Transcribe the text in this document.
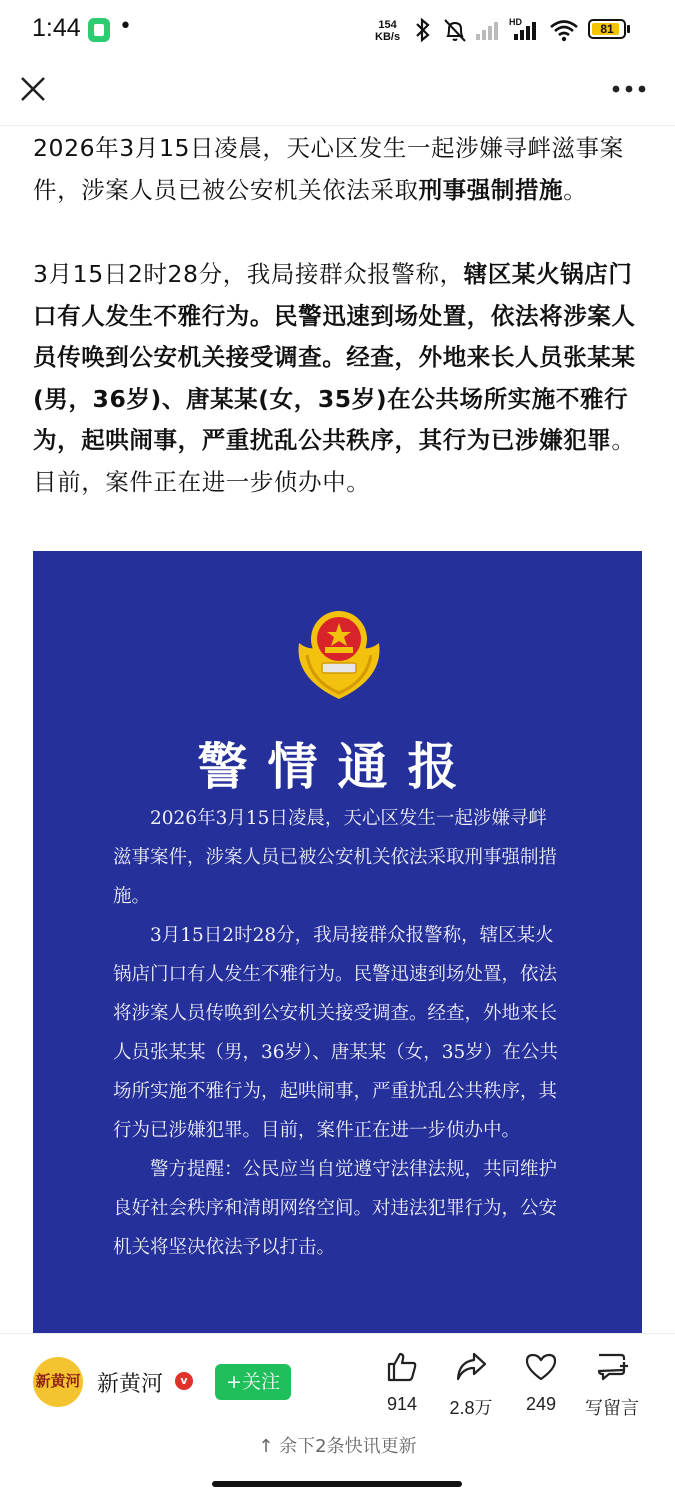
1:44 •	154
KB/s
HD	81

2026年3月15日凌晨，天心区发生一起涉嫌寻衅滋事案件，涉案人员已被公安机关依法采取刑事强制措施。

3月15日2时28分，我局接群众报警称，辖区某火锅店门口有人发生不雅行为。民警迅速到场处置，依法将涉案人员传唤到公安机关接受调查。经查，外地来长人员张某某(男，36岁)、唐某某(女，35岁)在公共场所实施不雅行为，起哄闹事，严重扰乱公共秩序，其行为已涉嫌犯罪。目前，案件正在进一步侦办中。

警情通报

2026年3月15日凌晨，天心区发生一起涉嫌寻衅滋事案件，涉案人员已被公安机关依法采取刑事强制措施。

3月15日2时28分，我局接群众报警称，辖区某火锅店门口有人发生不雅行为。民警迅速到场处置，依法将涉案人员传唤到公安机关接受调查。经查，外地来长人员张某某（男，36岁）、唐某某（女，35岁）在公共场所实施不雅行为，起哄闹事，严重扰乱公共秩序，其行为已涉嫌犯罪。目前，案件正在进一步侦办中。

警方提醒：公民应当自觉遵守法律法规，共同维护良好社会秩序和清朗网络空间。对违法犯罪行为，公安机关将坚决依法予以打击。

新黄河 新黄河	v	+关注
914	2.8万	249	写留言
↑ 余下2条快讯更新
